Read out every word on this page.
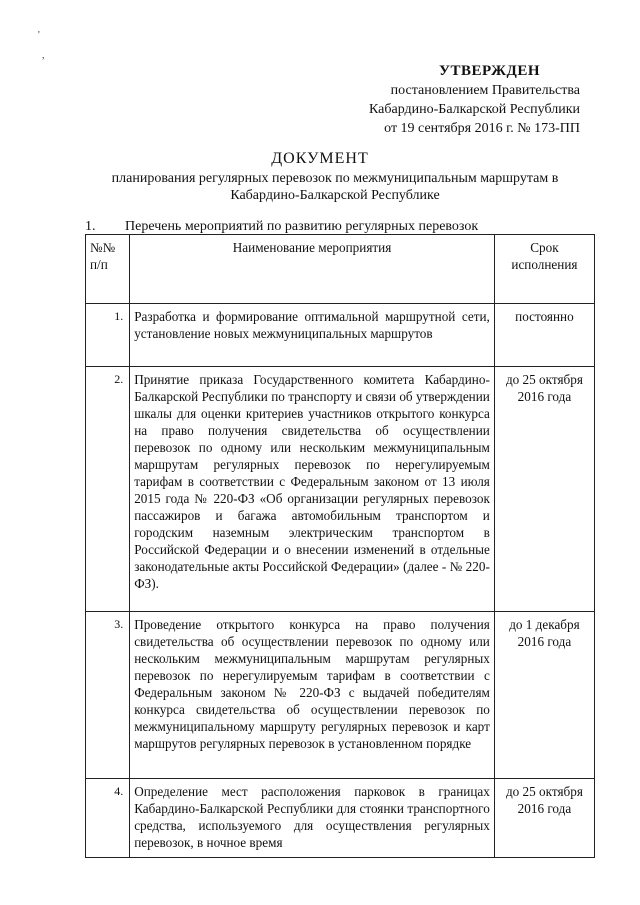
'
,
УТВЕРЖДЕН
постановлением Правительства
Кабардино-Балкарской Республики
от 19 сентября 2016 г. № 173-ПП
ДОКУМЕНТ
планирования регулярных перевозок по межмуниципальным маршрутам в Кабардино-Балкарской Республике
1. Перечень мероприятий по развитию регулярных перевозок
№№ п/п	Наименование мероприятия	Срок исполнения
1.	Разработка и формирование оптимальной маршрутной сети, установление новых межмуниципальных маршрутов	постоянно
2.	Принятие приказа Государственного комитета Кабардино-Балкарской Республики по транспорту и связи об утверждении шкалы для оценки критериев участников открытого конкурса на право получения свидетельства об осуществлении перевозок по одному или нескольким межмуниципальным маршрутам регулярных перевозок по нерегулируемым тарифам в соответствии с Федеральным законом от 13 июля 2015 года № 220-ФЗ «Об организации регулярных перевозок пассажиров и багажа автомобильным транспортом и городским наземным электрическим транспортом в Российской Федерации и о внесении изменений в отдельные законодательные акты Российской Федерации» (далее - № 220-ФЗ).	до 25 октября 2016 года
3.	Проведение открытого конкурса на право получения свидетельства об осуществлении перевозок по одному или нескольким межмуниципальным маршрутам регулярных перевозок по нерегулируемым тарифам в соответствии с Федеральным законом № 220-ФЗ с выдачей победителям конкурса свидетельства об осуществлении перевозок по межмуниципальному маршруту регулярных перевозок и карт маршрутов регулярных перевозок в установленном порядке	до 1 декабря 2016 года
4.	Определение мест расположения парковок в границах Кабардино-Балкарской Республики для стоянки транспортного средства, используемого для осуществления регулярных перевозок, в ночное время	до 25 октября 2016 года
